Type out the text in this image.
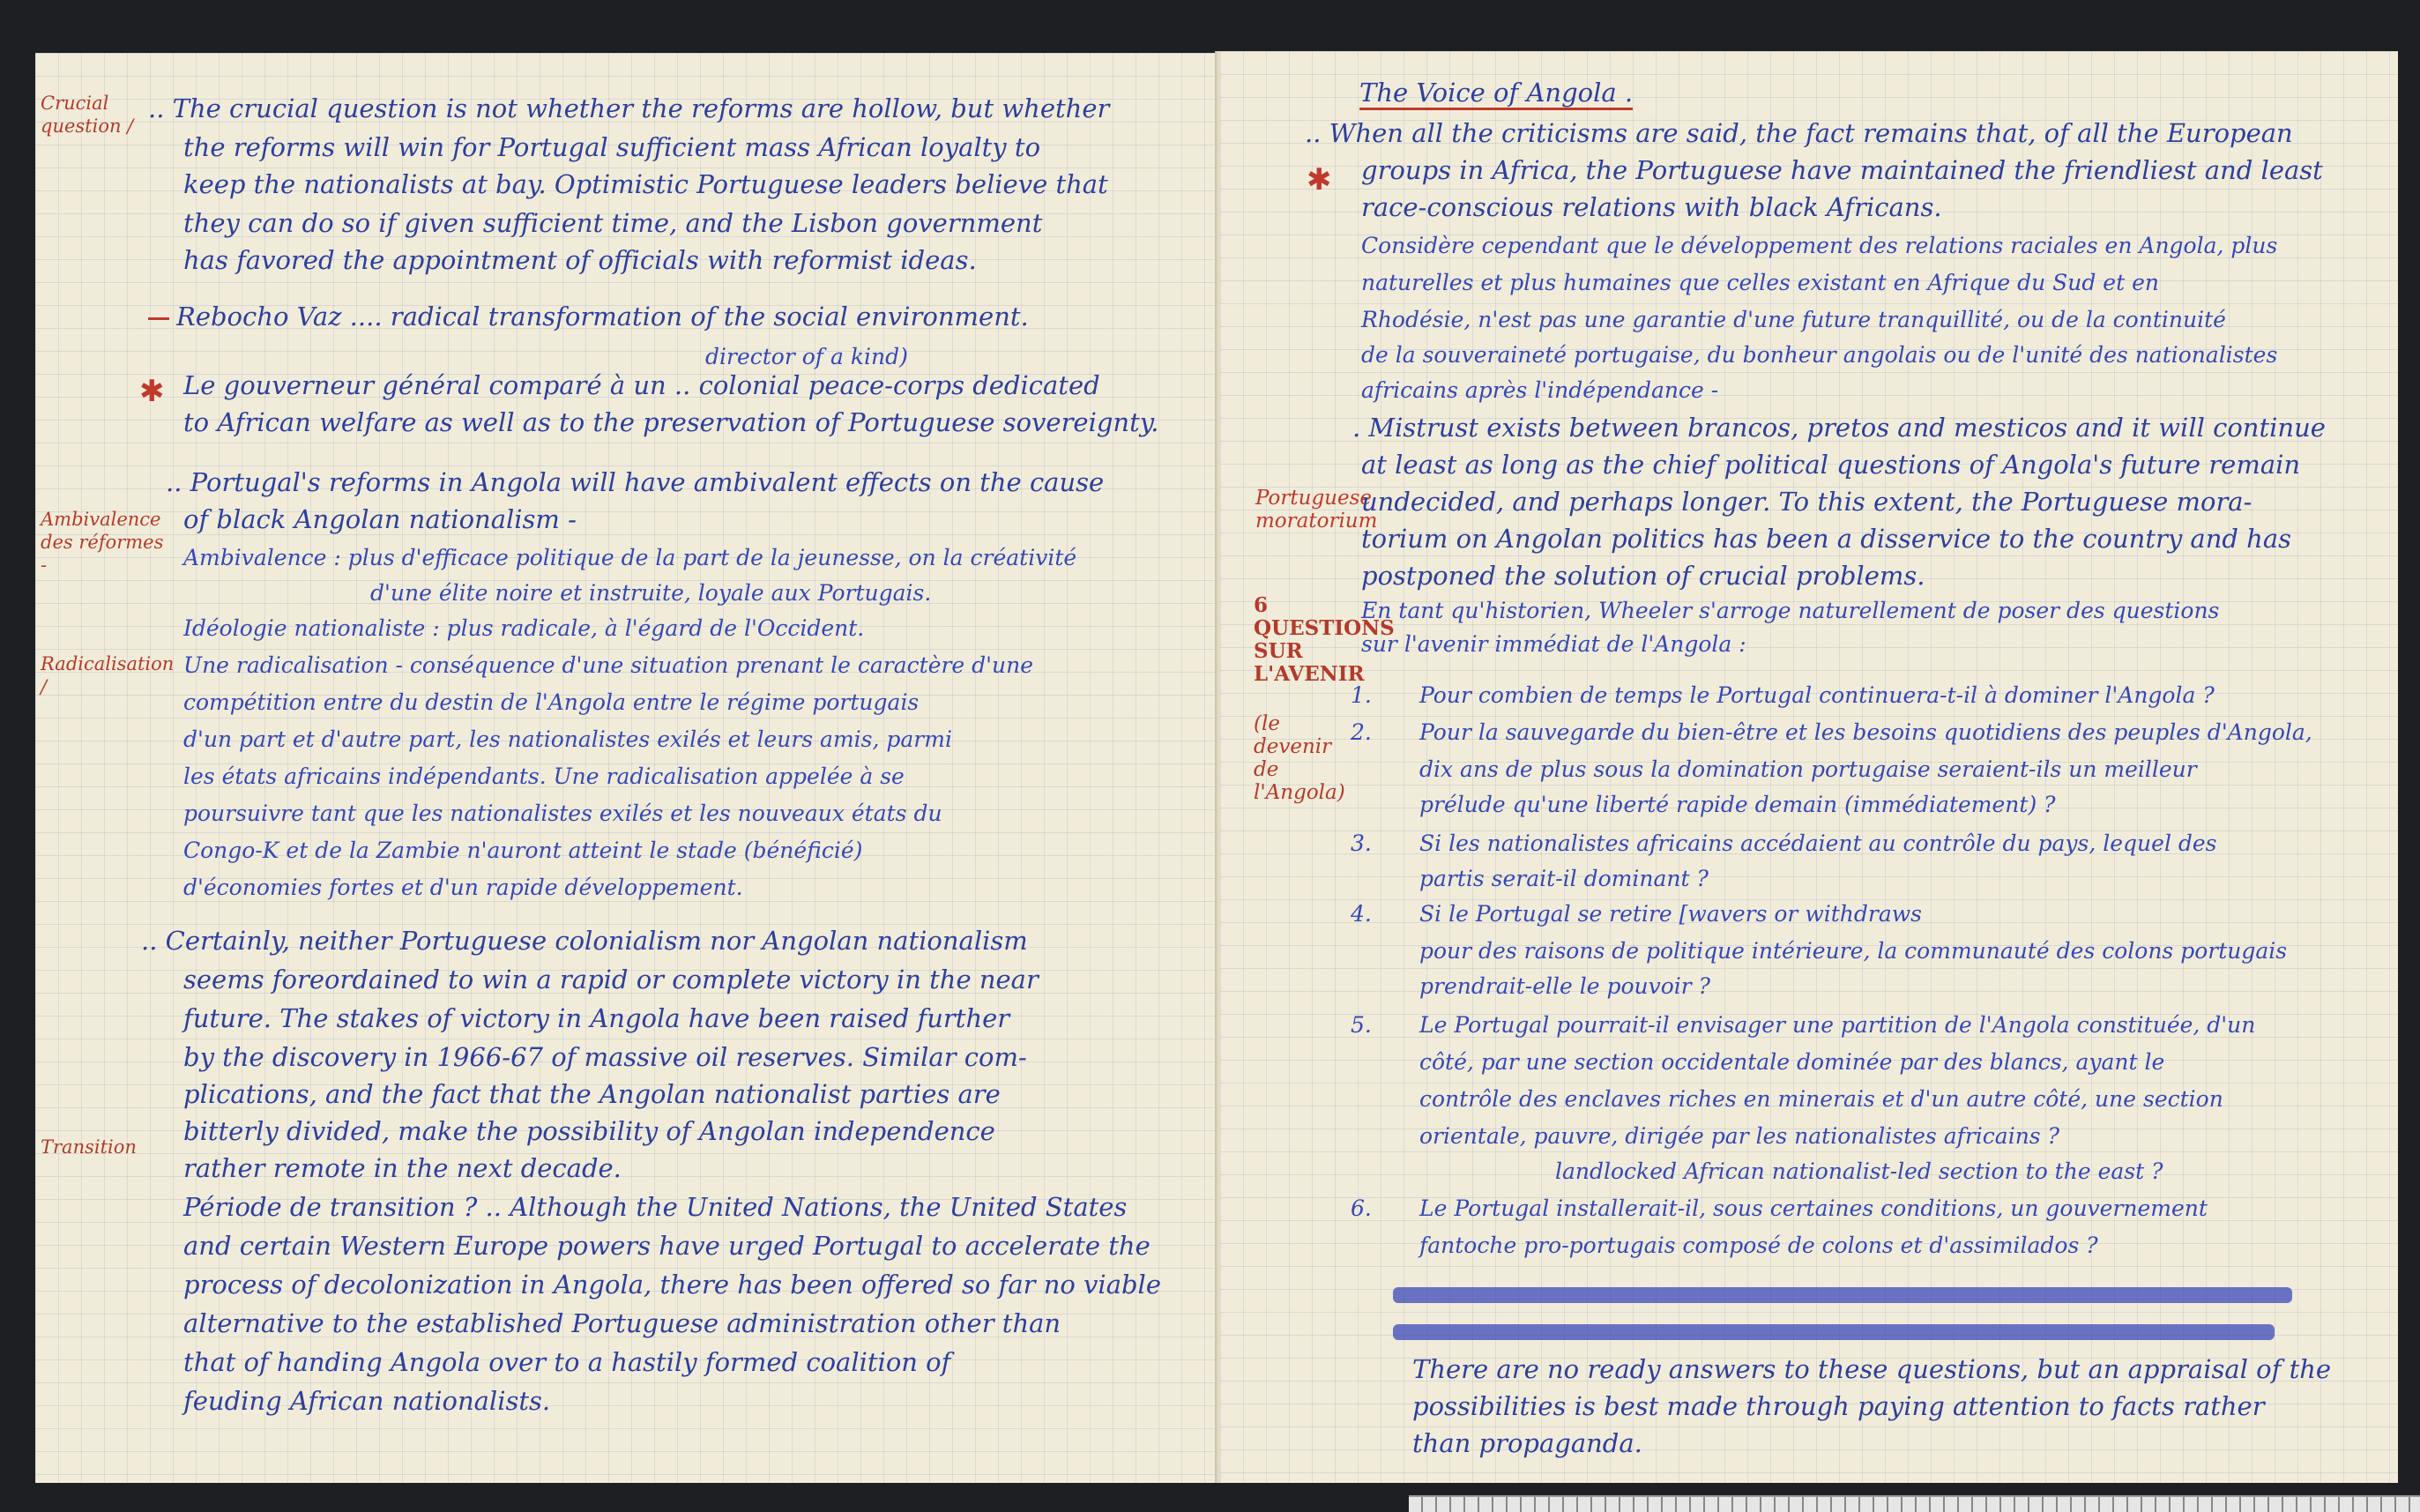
Crucial question /
Ambivalence des réformes -
Radicalisation /
Transition
.. The crucial question is not whether the reforms are hollow, but whether
the reforms will win for Portugal sufficient mass African loyalty to
keep the nationalists at bay. Optimistic Portuguese leaders believe that
they can do so if given sufficient time, and the Lisbon government
has favored the appointment of officials with reformist ideas.
Rebocho Vaz .... radical transformation of the social environment.
director of a kind)
Le gouverneur général comparé à un .. colonial peace-corps dedicated
✱
to African welfare as well as to the preservation of Portuguese sovereignty.
.. Portugal's reforms in Angola will have ambivalent effects on the cause
of black Angolan nationalism -
Ambivalence : plus d'efficace politique de la part de la jeunesse, on la créativité
d'une élite noire et instruite, loyale aux Portugais.
Idéologie nationaliste : plus radicale, à l'égard de l'Occident.
Une radicalisation - conséquence d'une situation prenant le caractère d'une
compétition entre du destin de l'Angola entre le régime portugais
d'un part et d'autre part, les nationalistes exilés et leurs amis, parmi
les états africains indépendants. Une radicalisation appelée à se
poursuivre tant que les nationalistes exilés et les nouveaux états du
Congo-K et de la Zambie n'auront atteint le stade (bénéficié)
d'économies fortes et d'un rapide développement.
.. Certainly, neither Portuguese colonialism nor Angolan nationalism
seems foreordained to win a rapid or complete victory in the near
future. The stakes of victory in Angola have been raised further
by the discovery in 1966-67 of massive oil reserves. Similar com-
plications, and the fact that the Angolan nationalist parties are
bitterly divided, make the possibility of Angolan independence
rather remote in the next decade.
Période de transition ? .. Although the United Nations, the United States
and certain Western Europe powers have urged Portugal to accelerate the
process of decolonization in Angola, there has been offered so far no viable
alternative to the established Portuguese administration other than
that of handing Angola over to a hastily formed coalition of
feuding African nationalists.
Portuguese moratorium
6 QUESTIONS SUR L'AVENIR
(le devenir de l'Angola)
The Voice of Angola .
.. When all the criticisms are said, the fact remains that, of all the European
✱ groups in Africa, the Portuguese have maintained the friendliest and least
race-conscious relations with black Africans.
Considère cependant que le développement des relations raciales en Angola, plus
naturelles et plus humaines que celles existant en Afrique du Sud et en
Rhodésie, n'est pas une garantie d'une future tranquillité, ou de la continuité
de la souveraineté portugaise, du bonheur angolais ou de l'unité des nationalistes
africains après l'indépendance -
. Mistrust exists between brancos, pretos and mesticos and it will continue
at least as long as the chief political questions of Angola's future remain
undecided, and perhaps longer. To this extent, the Portuguese mora-
torium on Angolan politics has been a disservice to the country and has
postponed the solution of crucial problems.
En tant qu'historien, Wheeler s'arroge naturellement de poser des questions
sur l'avenir immédiat de l'Angola :
1. Pour combien de temps le Portugal continuera-t-il à dominer l'Angola ?
2. Pour la sauvegarde du bien-être et les besoins quotidiens des peuples d'Angola,
dix ans de plus sous la domination portugaise seraient-ils un meilleur
prélude qu'une liberté rapide demain (immédiatement) ?
3. Si les nationalistes africains accédaient au contrôle du pays, lequel des
partis serait-il dominant ?
4. Si le Portugal se retire [wavers or withdraws
pour des raisons de politique intérieure, la communauté des colons portugais
prendrait-elle le pouvoir ?
5. Le Portugal pourrait-il envisager une partition de l'Angola constituée, d'un
côté, par une section occidentale dominée par des blancs, ayant le
contrôle des enclaves riches en minerais et d'un autre côté, une section
orientale, pauvre, dirigée par les nationalistes africains ?
landlocked African nationalist-led section to the east ?
6. Le Portugal installerait-il, sous certaines conditions, un gouvernement
fantoche pro-portugais composé de colons et d'assimilados ?
There are no ready answers to these questions, but an appraisal of the
possibilities is best made through paying attention to facts rather
than propaganda.
